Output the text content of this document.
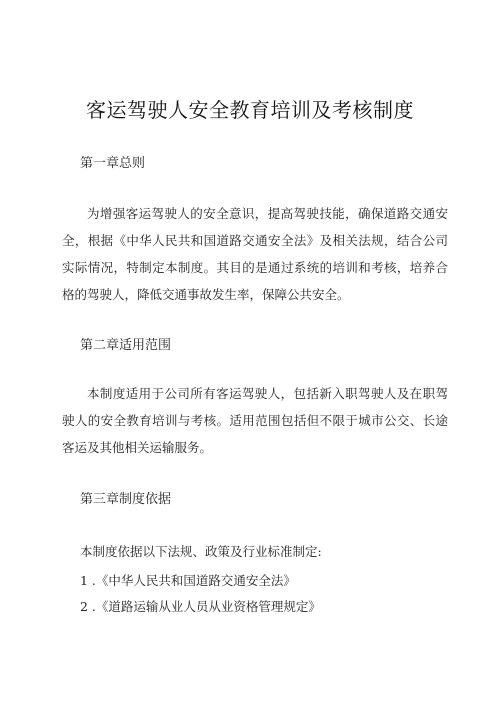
客运驾驶人安全教育培训及考核制度
第一章总则
为增强客运驾驶人的安全意识，提高驾驶技能，确保道路交通安全，根据《中华人民共和国道路交通安全法》及相关法规，结合公司实际情况，特制定本制度。其目的是通过系统的培训和考核，培养合格的驾驶人，降低交通事故发生率，保障公共安全。
第二章适用范围
本制度适用于公司所有客运驾驶人，包括新入职驾驶人及在职驾驶人的安全教育培训与考核。适用范围包括但不限于城市公交、长途客运及其他相关运输服务。
第三章制度依据
本制度依据以下法规、政策及行业标准制定:
1 .《中华人民共和国道路交通安全法》
2 .《道路运输从业人员从业资格管理规定》
